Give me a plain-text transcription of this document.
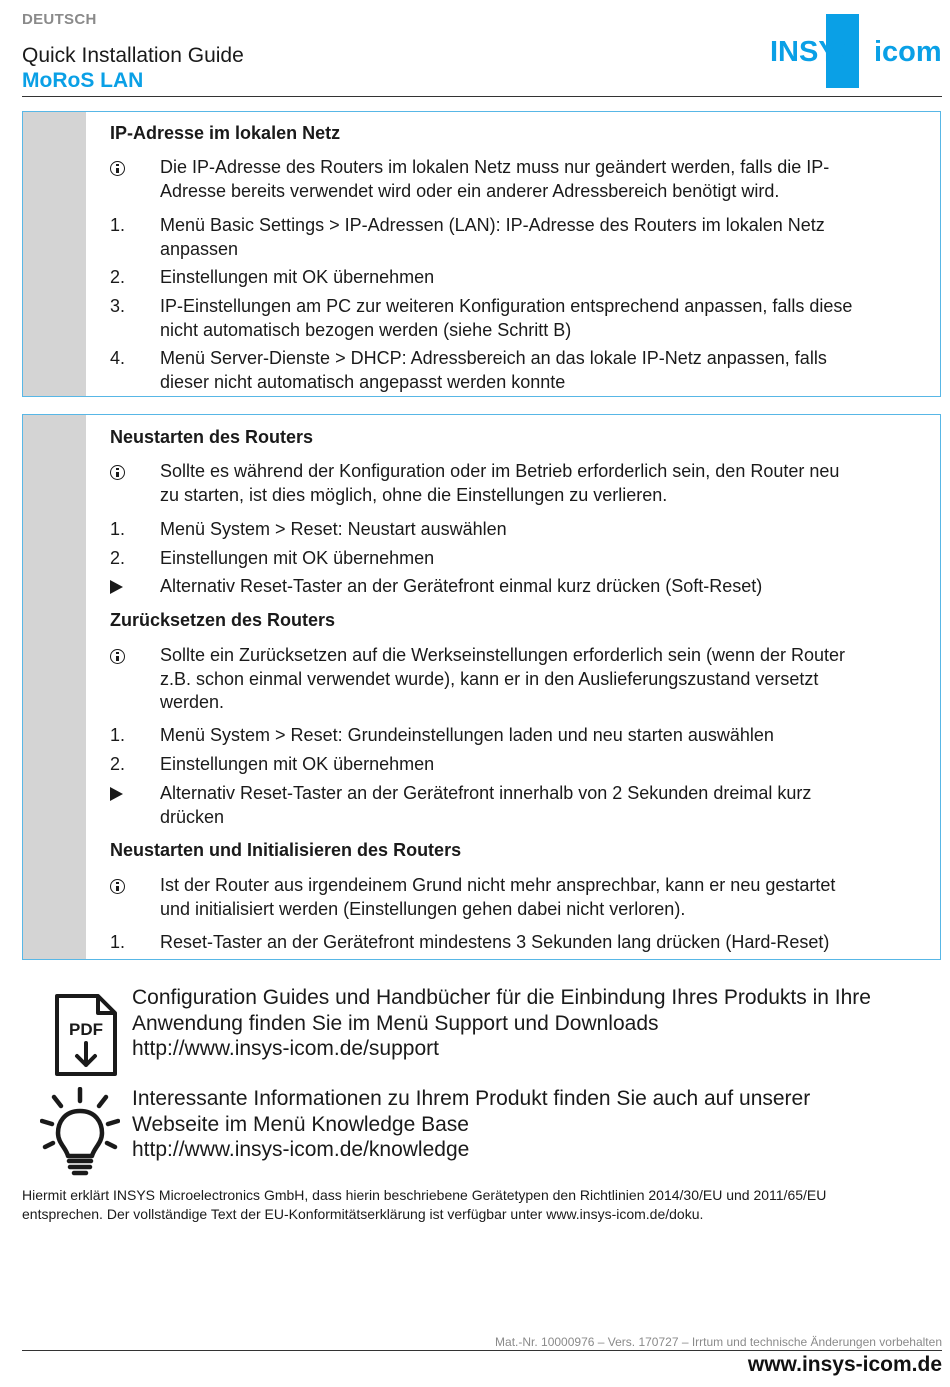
DEUTSCH
Quick Installation Guide
MoRoS LAN
INSYS icom
IP-Adresse im lokalen Netz
Die IP-Adresse des Routers im lokalen Netz muss nur geändert werden, falls die IP-
Adresse bereits verwendet wird oder ein anderer Adressbereich benötigt wird.
1.	Menü Basic Settings > IP-Adressen (LAN): IP-Adresse des Routers im lokalen Netz
anpassen
2.	Einstellungen mit OK übernehmen
3.	IP-Einstellungen am PC zur weiteren Konfiguration entsprechend anpassen, falls diese
nicht automatisch bezogen werden (siehe Schritt B)
4.	Menü Server-Dienste > DHCP: Adressbereich an das lokale IP-Netz anpassen, falls
dieser nicht automatisch angepasst werden konnte
Neustarten des Routers
Sollte es während der Konfiguration oder im Betrieb erforderlich sein, den Router neu
zu starten, ist dies möglich, ohne die Einstellungen zu verlieren.
1.	Menü System > Reset: Neustart auswählen
2.	Einstellungen mit OK übernehmen
Alternativ Reset-Taster an der Gerätefront einmal kurz drücken (Soft-Reset)
Zurücksetzen des Routers
Sollte ein Zurücksetzen auf die Werkseinstellungen erforderlich sein (wenn der Router
z.B. schon einmal verwendet wurde), kann er in den Auslieferungszustand versetzt
werden.
1.	Menü System > Reset: Grundeinstellungen laden und neu starten auswählen
2.	Einstellungen mit OK übernehmen
Alternativ Reset-Taster an der Gerätefront innerhalb von 2 Sekunden dreimal kurz
drücken
Neustarten und Initialisieren des Routers
Ist der Router aus irgendeinem Grund nicht mehr ansprechbar, kann er neu gestartet
und initialisiert werden (Einstellungen gehen dabei nicht verloren).
1.	Reset-Taster an der Gerätefront mindestens 3 Sekunden lang drücken (Hard-Reset)
PDF
Configuration Guides und Handbücher für die Einbindung Ihres Produkts in Ihre
Anwendung finden Sie im Menü Support und Downloads
http://www.insys-icom.de/support
Interessante Informationen zu Ihrem Produkt finden Sie auch auf unserer
Webseite im Menü Knowledge Base
http://www.insys-icom.de/knowledge
Hiermit erklärt INSYS Microelectronics GmbH, dass hierin beschriebene Gerätetypen den Richtlinien 2014/30/EU und 2011/65/EU
entsprechen. Der vollständige Text der EU-Konformitätserklärung ist verfügbar unter www.insys-icom.de/doku.
Mat.-Nr. 10000976 – Vers. 170727 – Irrtum und technische Änderungen vorbehalten
www.insys-icom.de
